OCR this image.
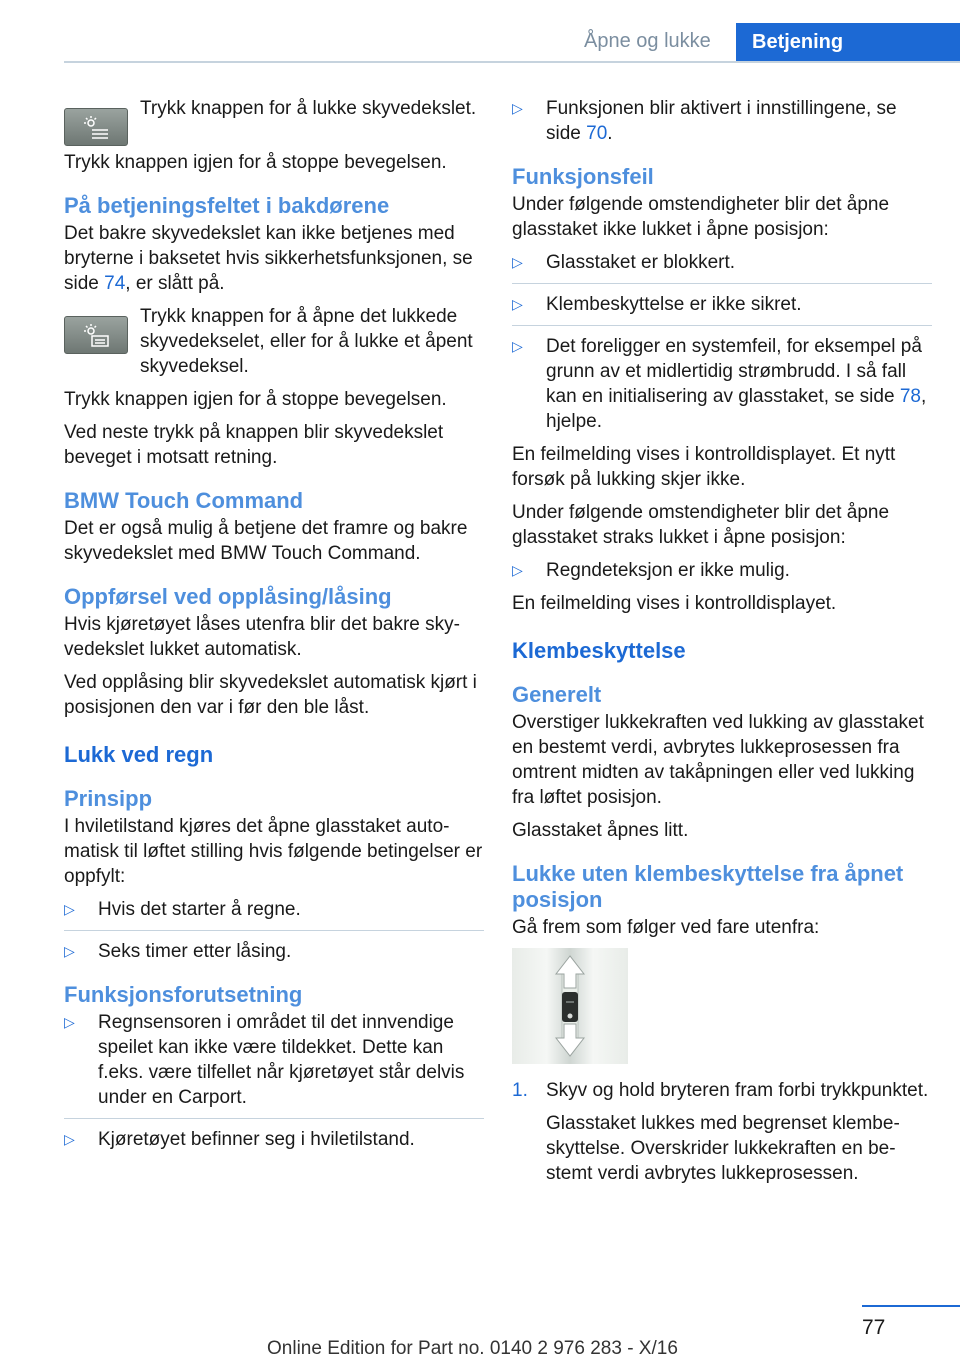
Åpne og lukke	Betjening

Trykk knappen for å lukke skyvedekslet.

Trykk knappen igjen for å stoppe bevegelsen.

På betjeningsfeltet i bakdørene

Det bakre skyvedekslet kan ikke betjenes med bryterne i baksetet hvis sikkerhetsfunksjonen, se side 74, er slått på.

Trykk knappen for å åpne det lukkede skyvedekselet, eller for å lukke et åpent skyvedeksel.

Trykk knappen igjen for å stoppe bevegelsen.

Ved neste trykk på knappen blir skyvedekslet beveget i motsatt retning.

BMW Touch Command

Det er også mulig å betjene det framre og bakre skyvedekslet med BMW Touch Command.

Oppførsel ved opplåsing/låsing

Hvis kjøretøyet låses utenfra blir det bakre skyvedekslet lukket automatisk.

Ved opplåsing blir skyvedekslet automatisk kjørt i posisjonen den var i før den ble låst.

Lukk ved regn
Prinsipp

I hviletilstand kjøres det åpne glasstaket automatisk til løftet stilling hvis følgende betingelser er oppfylt:

▷ Hvis det starter å regne.
▷ Seks timer etter låsing.
Funksjonsforutsetning
▷ Regnsensoren i området til det innvendige speilet kan ikke være tildekket. Dette kan f.eks. være tilfellet når kjøretøyet står delvis under en Carport.
▷ Kjøretøyet befinner seg i hviletilstand.
▷ Funksjonen blir aktivert i innstillingene, se side 70.
Funksjonsfeil

Under følgende omstendigheter blir det åpne glasstaket ikke lukket i åpne posisjon:

▷ Glasstaket er blokkert.
▷ Klembeskyttelse er ikke sikret.
▷ Det foreligger en systemfeil, for eksempel på grunn av et midlertidig strømbrudd. I så fall kan en initialisering av glasstaket, se side 78, hjelpe.

En feilmelding vises i kontrolldisplayet. Et nytt forsøk på lukking skjer ikke.

Under følgende omstendigheter blir det åpne glasstaket straks lukket i åpne posisjon:

▷ Regndeteksjon er ikke mulig.

En feilmelding vises i kontrolldisplayet.

Klembeskyttelse
Generelt

Overstiger lukkekraften ved lukking av glasstaket en bestemt verdi, avbrytes lukkeprosessen fra omtrent midten av takåpningen eller ved lukking fra løftet posisjon.

Glasstaket åpnes litt.

Lukke uten klembeskyttelse fra åpnet posisjon

Gå frem som følger ved fare utenfra:

1. Skyv og hold bryteren fram forbi trykkpunktet.

Glasstaket lukkes med begrenset klembeskyttelse. Overskrider lukkekraften en bestemt verdi avbrytes lukkeprosessen.

77
Online Edition for Part no. 0140 2 976 283 - X/16
